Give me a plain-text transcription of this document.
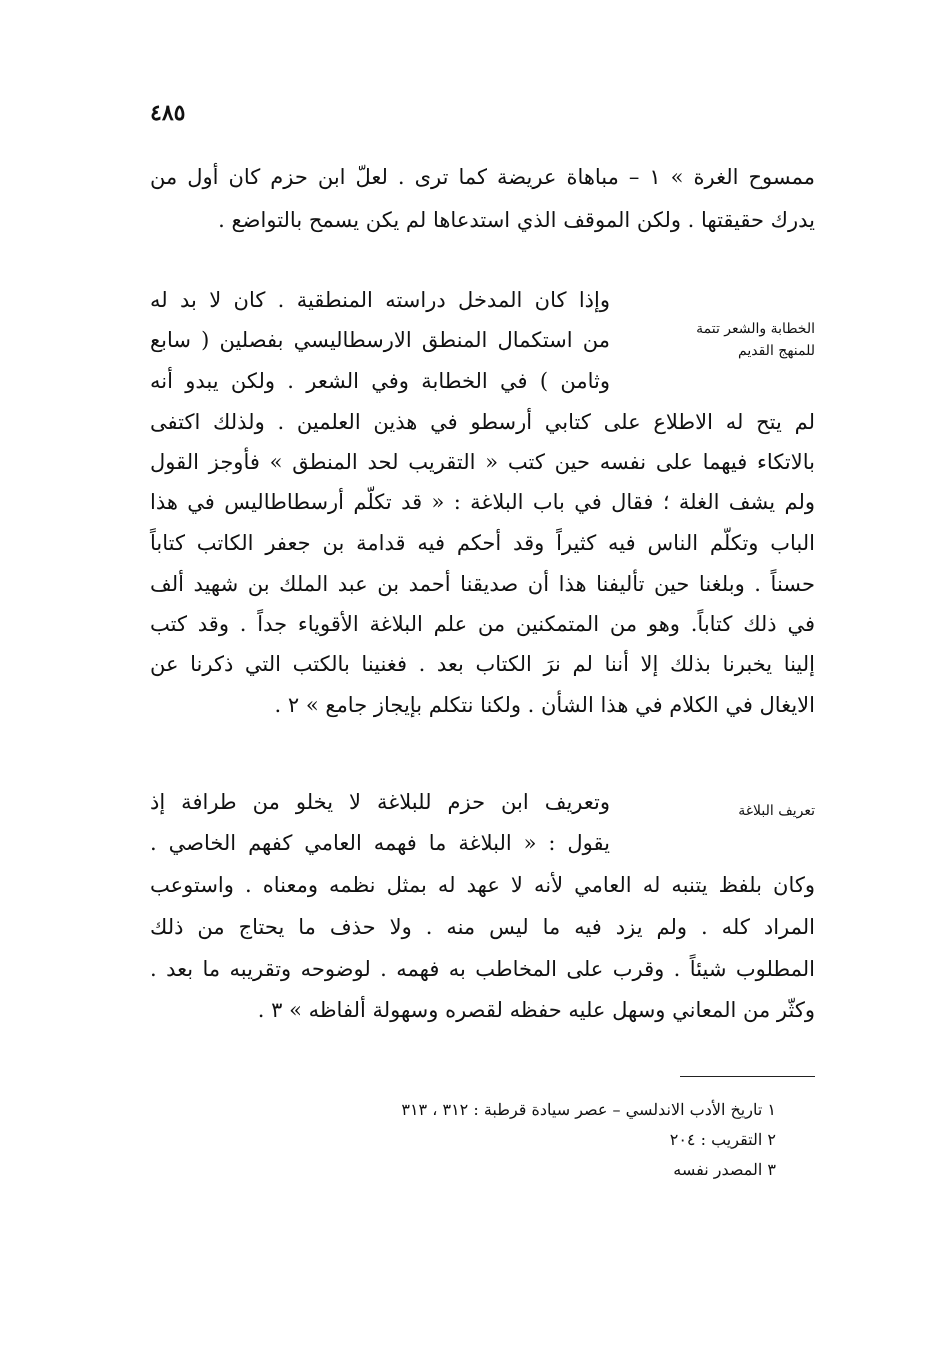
٤٨٥
ممسوح الغرة » ١ – مباهاة عريضة كما ترى . لعلّ ابن حزم كان أول من
يدرك حقيقتها . ولكن الموقف الذي استدعاها لم يكن يسمح بالتواضع .
الخطابة والشعر تتمة للمنهج القديم
وإذا كان المدخل دراسته المنطقية . كان لا بد له
من استكمال المنطق الارسطاليسي بفصلين ( سابع
وثامن ) في الخطابة وفي الشعر . ولكن يبدو أنه
لم يتح له الاطلاع على كتابي أرسطو في هذين العلمين . ولذلك اكتفى
بالاتكاء فيهما على نفسه حين كتب « التقريب لحد المنطق » فأوجز القول
ولم يشف الغلة ؛ فقال في باب البلاغة : « قد تكلّم أرسطاطاليس في هذا
الباب وتكلّم الناس فيه كثيراً وقد أحكم فيه قدامة بن جعفر الكاتب كتاباً
حسناً . وبلغنا حين تأليفنا هذا أن صديقنا أحمد بن عبد الملك بن شهيد ألف
في ذلك كتاباً. وهو من المتمكنين من علم البلاغة الأقوياء جداً . وقد كتب
إلينا يخبرنا بذلك إلا أننا لم نرَ الكتاب بعد . فغنينا بالكتب التي ذكرنا عن
الايغال في الكلام في هذا الشأن . ولكنا نتكلم بإيجاز جامع » ٢ .
تعريف البلاغة
وتعريف ابن حزم للبلاغة لا يخلو من طرافة إذ
يقول : « البلاغة ما فهمه العامي كفهم الخاصي .
وكان بلفظ يتنبه له العامي لأنه لا عهد له بمثل نظمه ومعناه . واستوعب
المراد كله . ولم يزد فيه ما ليس منه . ولا حذف ما يحتاج من ذلك
المطلوب شيئاً . وقرب على المخاطب به فهمه . لوضوحه وتقريبه ما بعد .
وكثّر من المعاني وسهل عليه حفظه لقصره وسهولة ألفاظه » ٣ .
١ تاريخ الأدب الاندلسي – عصر سيادة قرطبة : ٣١٢ ، ٣١٣
٢ التقريب : ٢٠٤
٣ المصدر نفسه
